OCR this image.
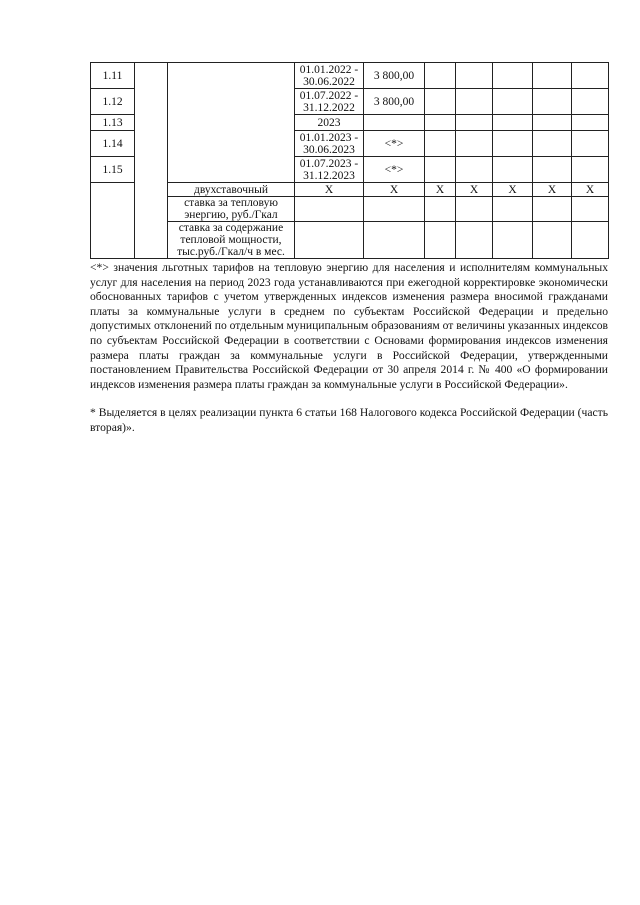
1.11			01.01.2022 -
30.06.2022	3 800,00					
1.12			01.07.2022 -
31.12.2022	3 800,00					
1.13			2023						
1.14			01.01.2023 -
30.06.2023	<*>					
1.15			01.07.2023 -
31.12.2023	<*>					
		двухставочный	X	X	X	X	X	X	X
		ставка за тепловую
энергию, руб./Гкал							
		ставка за содержание
тепловой мощности,
тыс.руб./Гкал/ч в мес.							

<*> значения льготных тарифов на тепловую энергию для населения и исполнителям коммунальных услуг для населения на период 2023 года устанавливаются при ежегодной корректировке экономически обоснованных тарифов с учетом утвержденных индексов изменения размера вносимой гражданами платы за коммунальные услуги в среднем по субъектам Российской Федерации и предельно допустимых отклонений по отдельным муниципальным образованиям от величины указанных индексов по субъектам Российской Федерации в соответствии с Основами формирования индексов изменения размера платы граждан за коммунальные услуги в Российской Федерации, утвержденными постановлением Правительства Российской Федерации от 30 апреля 2014 г. № 400 «О формировании индексов изменения размера платы граждан за коммунальные услуги в Российской Федерации».

* Выделяется в целях реализации пункта 6 статьи 168 Налогового кодекса Российской Федерации (часть вторая)».
